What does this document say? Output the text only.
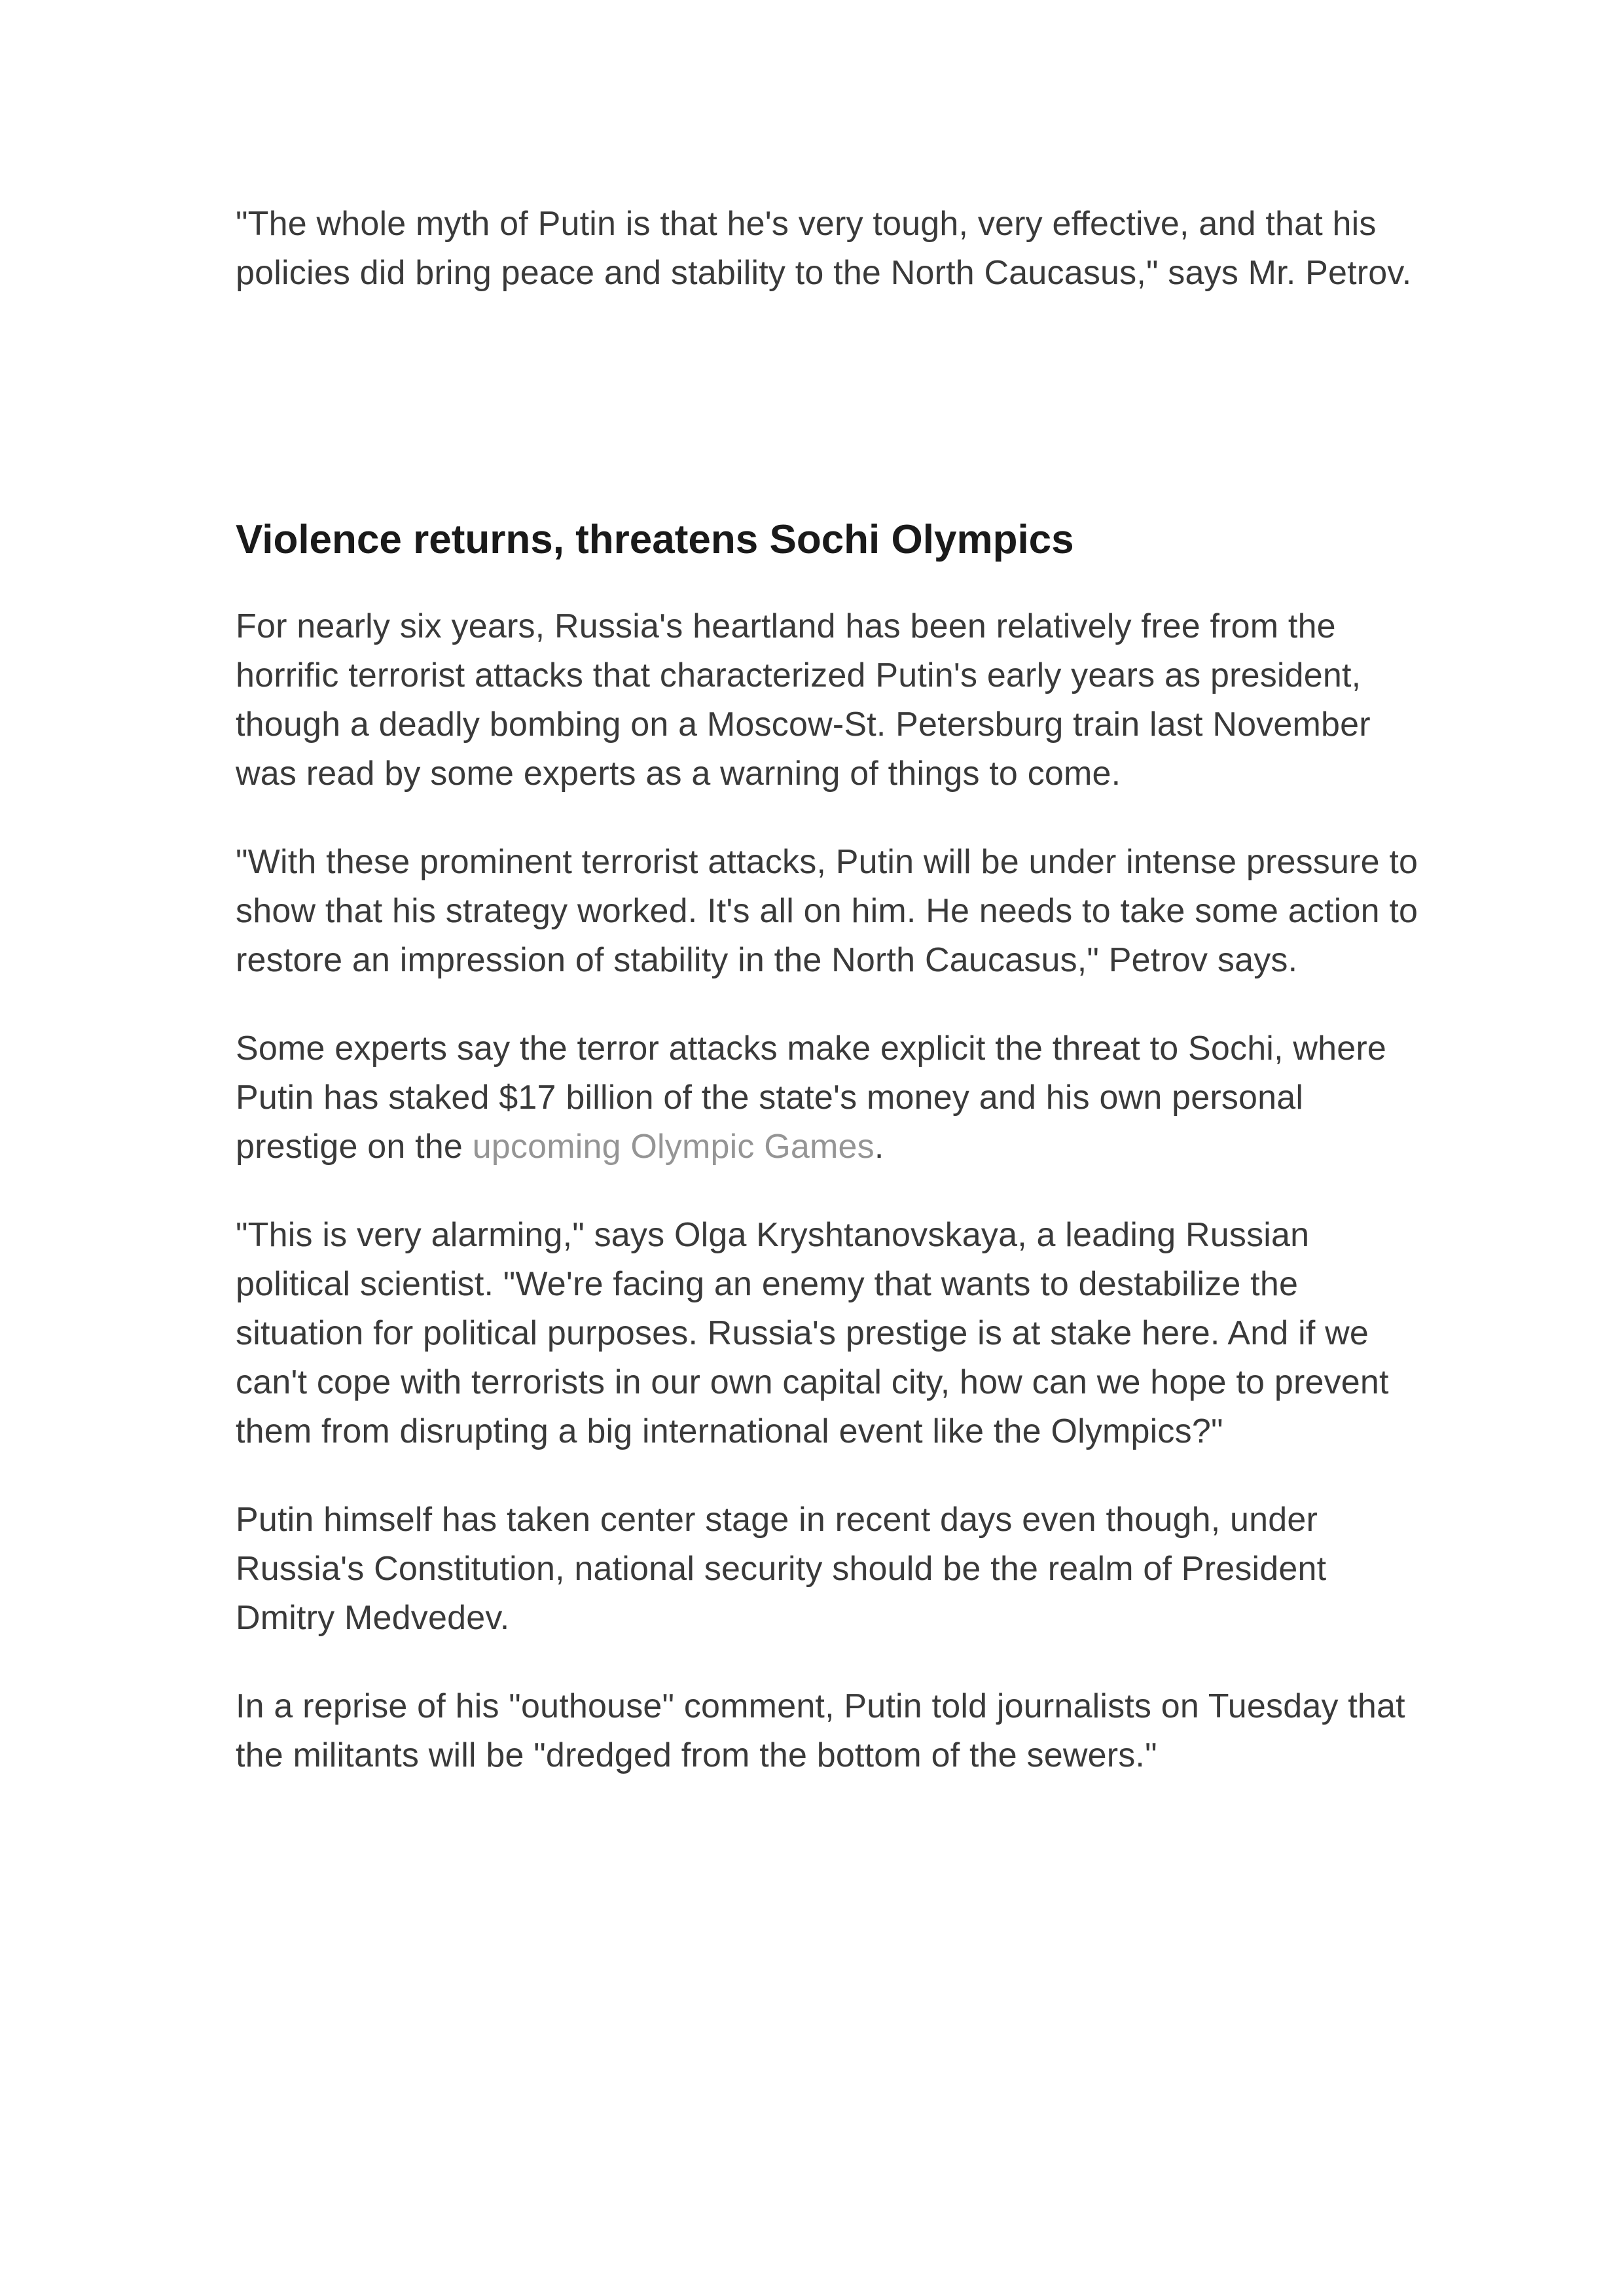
"The whole myth of Putin is that he's very tough, very effective, and that his policies did bring peace and stability to the North Caucasus," says Mr. Petrov.

Violence returns, threatens Sochi Olympics

For nearly six years, Russia's heartland has been relatively free from the horrific terrorist attacks that characterized Putin's early years as president, though a deadly bombing on a Moscow-St. Petersburg train last November was read by some experts as a warning of things to come.

"With these prominent terrorist attacks, Putin will be under intense pressure to show that his strategy worked. It's all on him. He needs to take some action to restore an impression of stability in the North Caucasus," Petrov says.

Some experts say the terror attacks make explicit the threat to Sochi, where Putin has staked $17 billion of the state's money and his own personal prestige on the upcoming Olympic Games.

"This is very alarming," says Olga Kryshtanovskaya, a leading Russian political scientist. "We're facing an enemy that wants to destabilize the situation for political purposes. Russia's prestige is at stake here. And if we can't cope with terrorists in our own capital city, how can we hope to prevent them from disrupting a big international event like the Olympics?"

Putin himself has taken center stage in recent days even though, under Russia's Constitution, national security should be the realm of President Dmitry Medvedev.

In a reprise of his "outhouse" comment, Putin told journalists on Tuesday that the militants will be "dredged from the bottom of the sewers."
